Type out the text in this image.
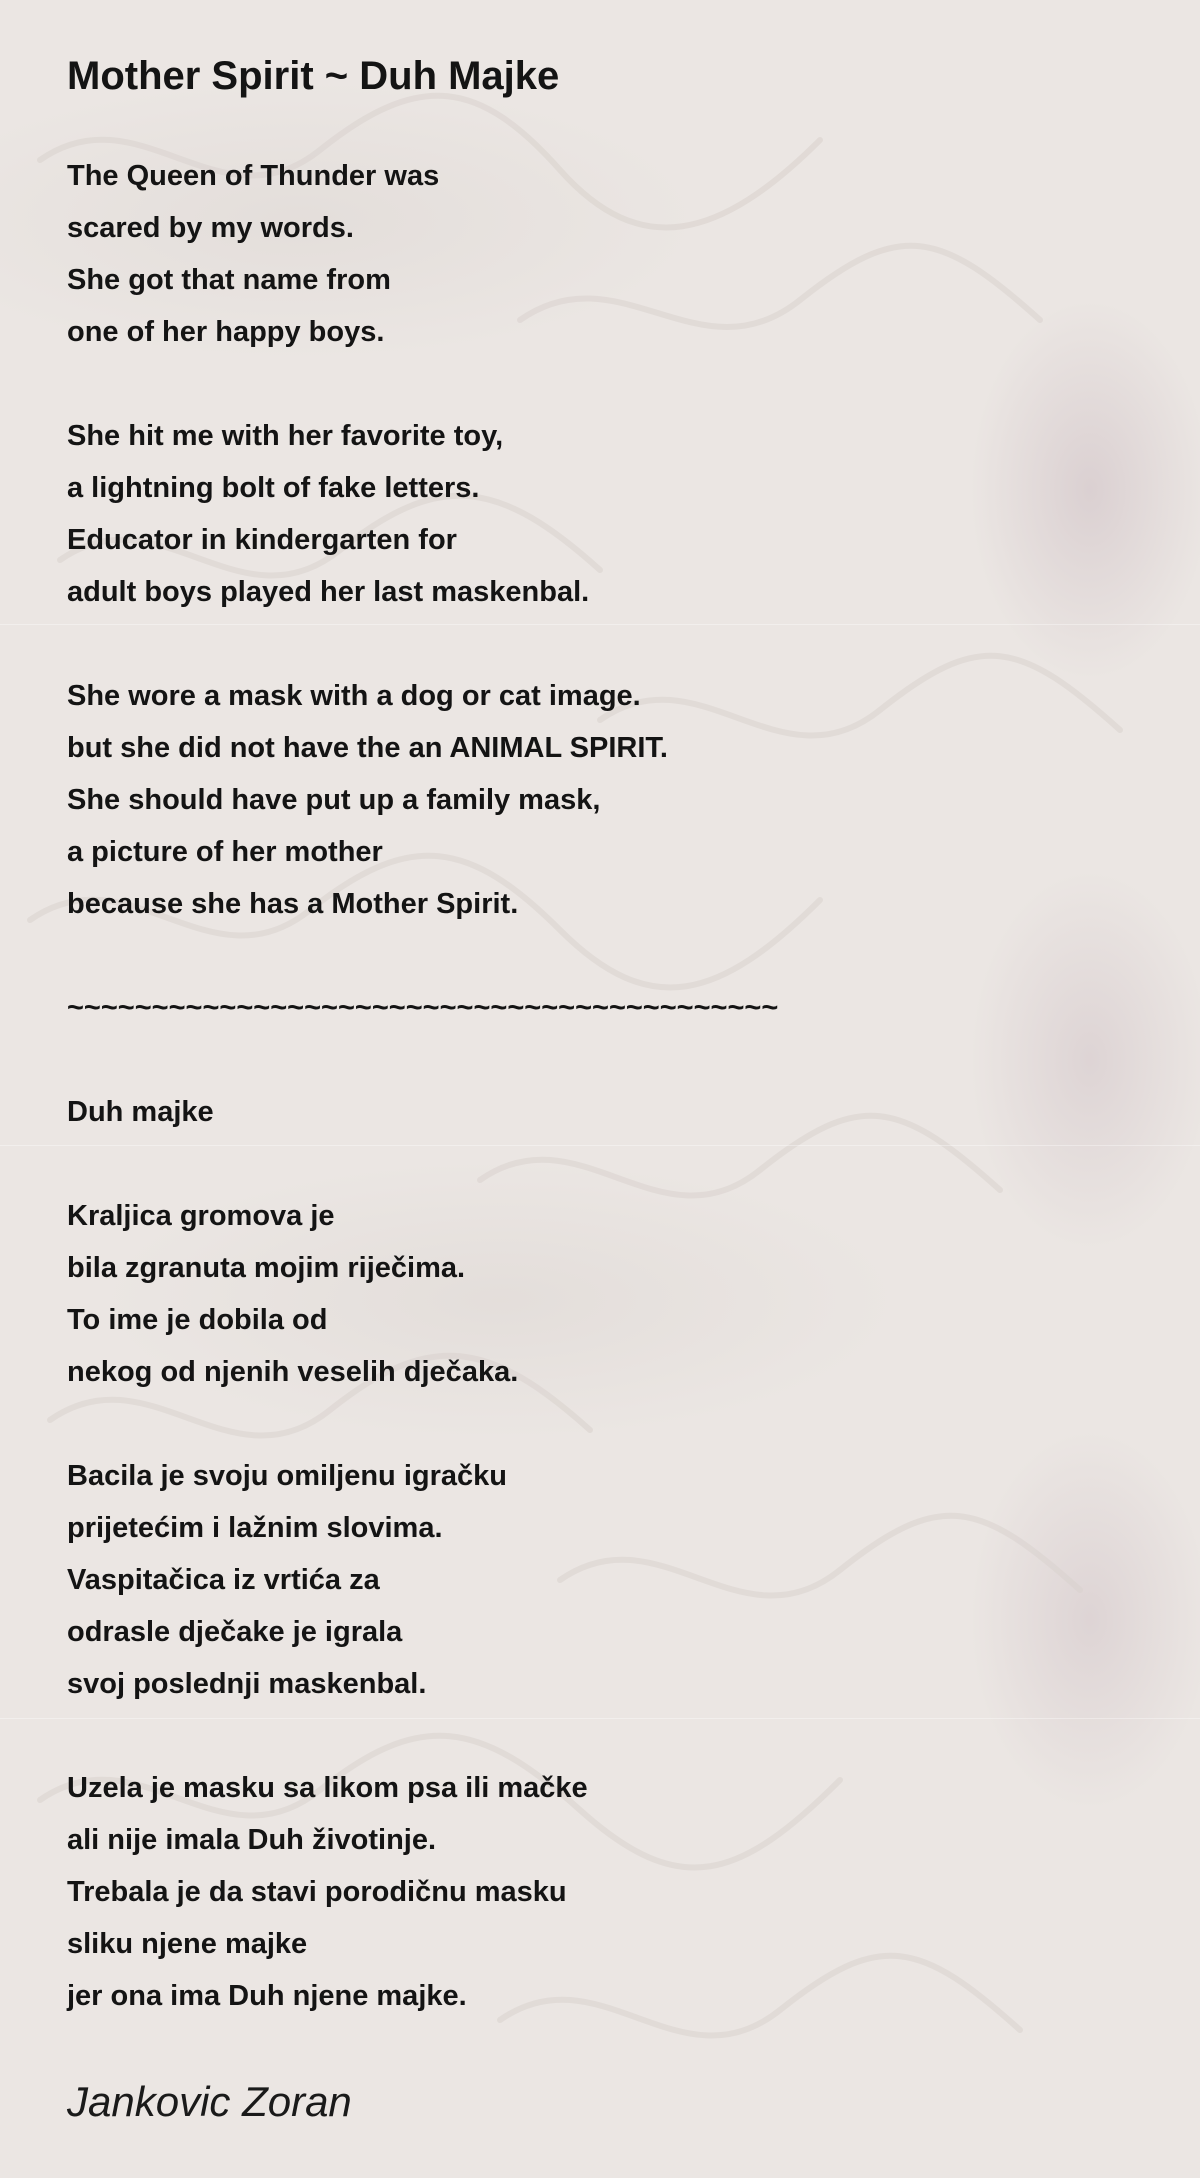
Mother Spirit ~ Duh Majke
The Queen of Thunder was
scared by my words.
She got that name from
one of her happy boys.
She hit me with her favorite toy,
a lightning bolt of fake letters.
Educator in kindergarten for
adult boys played her last maskenbal.
She wore a mask with a dog or cat image.
but she did not have the an ANIMAL SPIRIT.
She should have put up a family mask,
a picture of her mother
because she has a Mother Spirit.
~~~~~~~~~~~~~~~~~~~~~~~~~~~~~~~~~~~~~~~~~~
Duh majke
Kraljica gromova je
bila zgranuta mojim riječima.
To ime je dobila od
nekog od njenih veselih dječaka.
Bacila je svoju omiljenu igračku
prijetećim i lažnim slovima.
Vaspitačica iz vrtića za
odrasle dječake je igrala
svoj poslednji maskenbal.
Uzela je masku sa likom psa ili mačke
ali nije imala Duh životinje.
Trebala je da stavi porodičnu masku
sliku njene majke
jer ona ima Duh njene majke.

Jankovic Zoran
